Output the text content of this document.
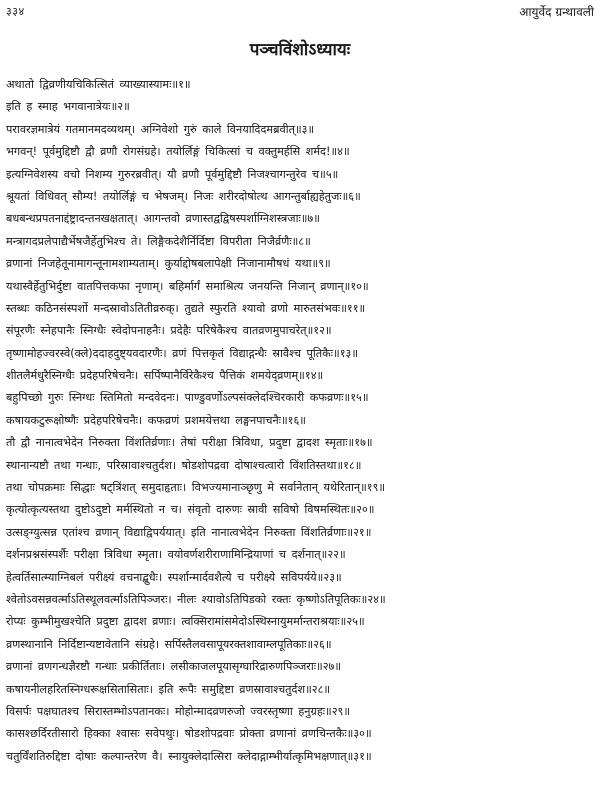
३३४	आयुर्वेद ग्रन्थावली
पञ्चविंशोऽध्यायः
अथातो द्विव्रणीयचिकित्सितं व्याख्यास्यामः॥१॥
इति ह स्माह भगवानात्रेयः॥२॥
परावरज्ञमात्रेयं गतमानमदव्यथम्। अग्निवेशो गुरुं काले विनयादिदमब्रवीत्॥३॥
भगवन्! पूर्वमुद्दिष्टौ द्वौ व्रणौ रोगसंग्रहे। तयोर्लिङ्गं चिकित्सां च वक्तुमर्हसि शर्मद!॥४॥
इत्यग्निवेशस्य वचो निशम्य गुरुरब्रवीत्। यौ व्रणौ पूर्वमुद्दिष्टौ निजश्चागन्तुरेव च॥५॥
श्रूयतां विधिवत् सौम्य! तयोर्लिङ्गं च भेषजम्। निजः शरीरदोषोत्थ आगन्तुर्बाह्यहेतुजः॥६॥
बधबन्धप्रपतनाद्दंष्ट्रादन्तनखक्षतात्। आगन्तवो व्रणास्तद्वद्विषस्पर्शाग्निशस्त्रजाः॥७॥
मन्त्रागदप्रलेपाद्यैर्भेषजैर्हेतुभिश्च ते। लिङ्गैकदेशैर्निर्दिष्टा विपरीता निजैर्व्रणैः॥८॥
व्रणानां निजहेतूनामागन्तूनामशाम्यताम्। कुर्याद्दोषबलापेक्षी निजानामौषधं यथा॥९॥
यथास्वैर्हेतुभिर्दुष्टा वातपित्तकफा नृणाम्। बहिर्मार्गं समाश्रित्य जनयन्ति निजान् व्रणान्॥१०॥
स्तब्धः कठिनसंस्पर्शो मन्दस्रावोऽतितीव्ररुक्। तुद्यते स्फुरति श्यावो व्रणो मारुतसंभवः॥११॥
संपूरणैः स्नेहपानैः स्निग्धैः स्वेदोपनाहनैः। प्रदेहैः परिषेकैश्च वातव्रणमुपाचरेत्॥१२॥
तृष्णामोहज्वरस्वे(क्ले)ददाहदुष्ट्यवदारणैः। व्रणं पित्तकृतं विद्याद्गन्धैः स्रावैश्च पूतिकैः॥१३॥
शीतलैर्मधुरैस्निग्धैः प्रदेहपरिषेचनैः। सर्पिष्पानैर्विरेकैश्च पैत्तिकं शमयेद्व्रणम्॥१४॥
बहुपिच्छो गुरुः स्निग्धः स्तिमितो मन्दवेदनः। पाण्डुवर्णोऽल्पसंक्लेदश्चिरकारी कफव्रणः॥१५॥
कषायकटुरूक्षोष्णैः प्रदेहपरिषेचनैः। कफव्रणं प्रशमयेत्तथा लङ्घनपाचनैः॥१६॥
तौ द्वौ नानात्वभेदेन निरुक्ता विंशतिर्व्रणाः। तेषां परीक्षा त्रिविधा, प्रदुष्टा द्वादश स्मृताः॥१७॥
स्थानान्यष्टौ तथा गन्धाः, परिस्रावाश्चतुर्दश। षोडशोपद्रवा दोषाश्चत्वारो विंशतिस्तथा॥१८॥
तथा चोपक्रमाः सिद्धाः षट्त्रिंशत् समुदाहृताः। विभज्यमानाञ्छृणु मे सर्वानेतान् यथेरितान्॥१९॥
कृत्योत्कृत्यस्तथा दुष्टोऽदुष्टो मर्मस्थितो न च। संवृतो दारुणः स्रावी सविषो विषमस्थितः॥२०॥
उत्सङ्ग्युत्सन्न एतांश्च व्रणान् विद्याद्विपर्ययात्। इति नानात्वभेदेन निरुक्ता विंशतिर्व्रणाः॥२१॥
दर्शनप्रश्नसंस्पर्शैः परीक्षा त्रिविधा स्मृता। वयोवर्णशरीराणामिन्द्रियाणां च दर्शनात्॥२२॥
हेत्वर्तिसात्म्याग्निबलं परीक्ष्यं वचनाद्बुधैः। स्पर्शान्मार्दवशैत्ये च परीक्ष्ये सविपर्यये॥२३॥
श्वेतोऽवसन्नवर्त्माऽतिस्थूलवर्त्माऽतिपिञ्जरः। नीलः श्यावोऽतिपिडको रक्तः कृष्णोऽतिपूतिकः॥२४॥
रोप्यः कुम्भीमुखश्चेति प्रदुष्टा द्वादश व्रणाः। त्वक्सिरामांसमेदोऽस्थिस्नायुमर्मान्तराश्रयाः॥२५॥
व्रणस्थानानि निर्दिष्टान्यष्टावेतानि संग्रहे। सर्पिस्तैलवसापूयरक्तशावाम्लपूतिकाः॥२६॥
व्रणानां व्रणगन्धज्ञैरष्टौ गन्धाः प्रकीर्तिताः। लसीकाजलपूयासृग्घारिद्रारुणपिञ्जराः॥२७॥
कषायनीलहरितस्निग्धरूक्षसितासिताः। इति रूपैः समुद्दिष्टा व्रणस्रावाश्चतुर्दश॥२८॥
विसर्पः पक्षघातश्च सिरास्तम्भोऽपतानकः। मोहोन्मादव्रणरुजो ज्वरस्तृष्णा हनुग्रहः॥२९॥
कासश्छर्दिरतीसारो हिक्का श्वासः सवेपथुः। षोडशोपद्रवाः प्रोक्ता व्रणानां व्रणचिन्तकैः॥३०॥
चतुर्विंशतिरुद्दिष्टा दोषाः कल्पान्तरेण वै। स्नायुक्लेदात्सिरा क्लेदाद्गाम्भीर्यात्कृमिभक्षणात्॥३१॥
